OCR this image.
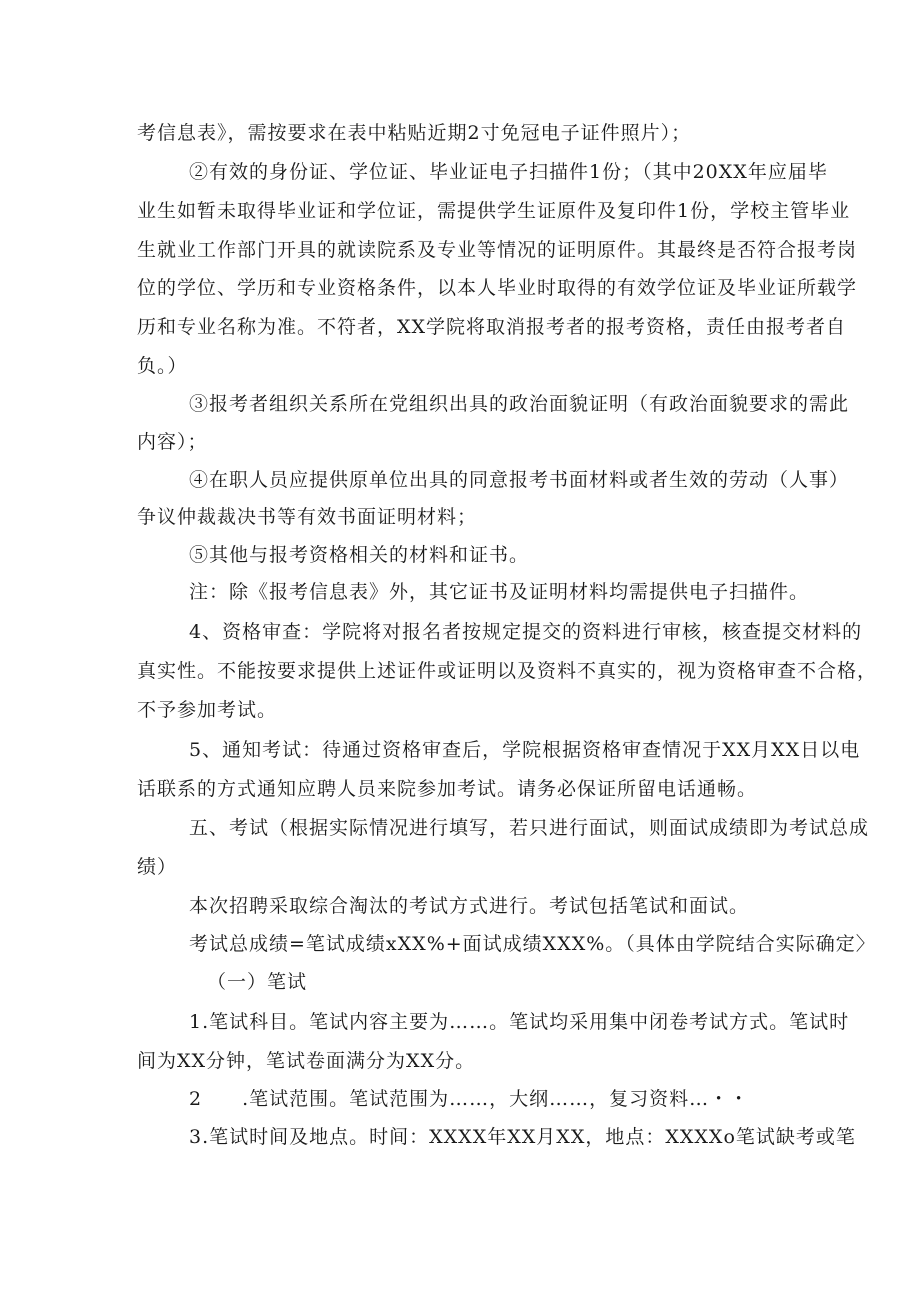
考信息表》，需按要求在表中粘贴近期2寸免冠电子证件照片）；
②有效的身份证、学位证、毕业证电子扫描件1份；（其中20XX年应届毕
业生如暂未取得毕业证和学位证，需提供学生证原件及复印件1份，学校主管毕业
生就业工作部门开具的就读院系及专业等情况的证明原件。其最终是否符合报考岗
位的学位、学历和专业资格条件，以本人毕业时取得的有效学位证及毕业证所载学
历和专业名称为准。不符者，XX学院将取消报考者的报考资格，责任由报考者自
负。）
③报考者组织关系所在党组织出具的政治面貌证明（有政治面貌要求的需此
内容）；
④在职人员应提供原单位出具的同意报考书面材料或者生效的劳动（人事）
争议仲裁裁决书等有效书面证明材料；
⑤其他与报考资格相关的材料和证书。
注：除《报考信息表》外，其它证书及证明材料均需提供电子扫描件。
4、资格审查：学院将对报名者按规定提交的资料进行审核，核查提交材料的
真实性。不能按要求提供上述证件或证明以及资料不真实的，视为资格审查不合格，
不予参加考试。
5、通知考试：待通过资格审查后，学院根据资格审查情况于XX月XX日以电
话联系的方式通知应聘人员来院参加考试。请务必保证所留电话通畅。
五、考试（根据实际情况进行填写，若只进行面试，则面试成绩即为考试总成
绩）
本次招聘采取综合淘汰的考试方式进行。考试包括笔试和面试。
考试总成绩=笔试成绩xXX%+面试成绩XXX%。（具体由学院结合实际确定〉
（一）笔试
1.笔试科目。笔试内容主要为……。笔试均采用集中闭卷考试方式。笔试时
间为XX分钟，笔试卷面满分为XX分。
2　　.笔试范围。笔试范围为……，大纲……，复习资料…・・
3.笔试时间及地点。时间：XXXX年XX月XX，地点：XXXXo笔试缺考或笔
